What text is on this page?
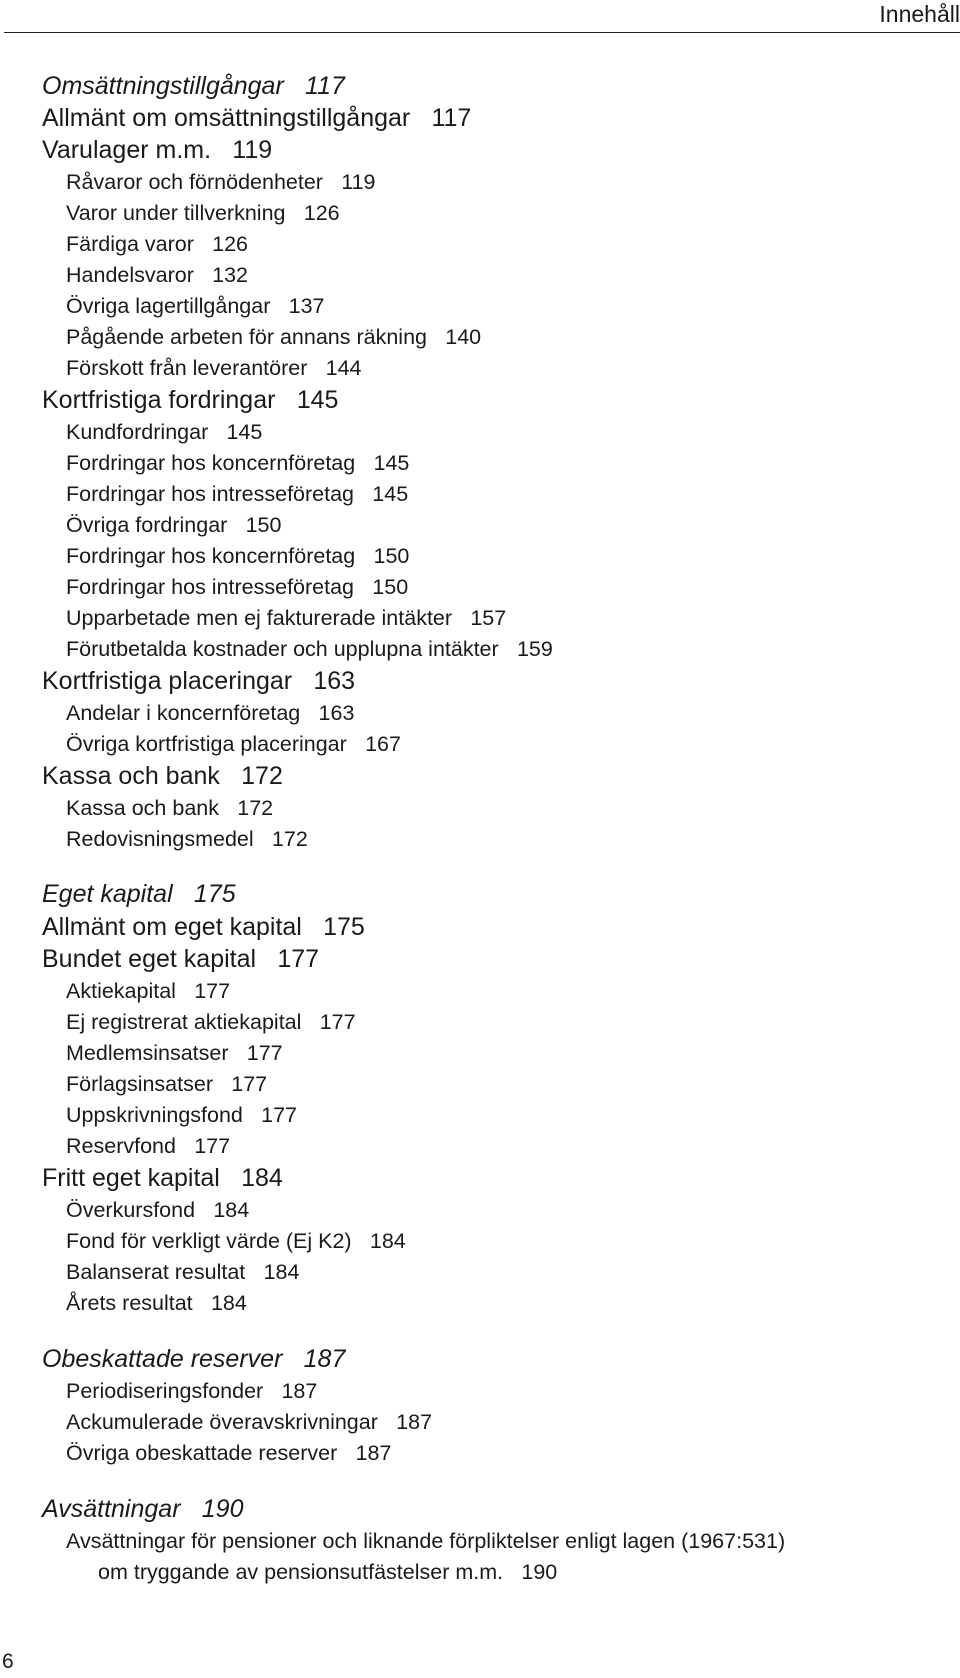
Innehåll
Omsättningstillgångar 117
Allmänt om omsättningstillgångar 117
Varulager m.m. 119
Råvaror och förnödenheter 119
Varor under tillverkning 126
Färdiga varor 126
Handelsvaror 132
Övriga lagertillgångar 137
Pågående arbeten för annans räkning 140
Förskott från leverantörer 144
Kortfristiga fordringar 145
Kundfordringar 145
Fordringar hos koncernföretag 145
Fordringar hos intresseföretag 145
Övriga fordringar 150
Fordringar hos koncernföretag 150
Fordringar hos intresseföretag 150
Upparbetade men ej fakturerade intäkter 157
Förutbetalda kostnader och upplupna intäkter 159
Kortfristiga placeringar 163
Andelar i koncernföretag 163
Övriga kortfristiga placeringar 167
Kassa och bank 172
Kassa och bank 172
Redovisningsmedel 172
Eget kapital 175
Allmänt om eget kapital 175
Bundet eget kapital 177
Aktiekapital 177
Ej registrerat aktiekapital 177
Medlemsinsatser 177
Förlagsinsatser 177
Uppskrivningsfond 177
Reservfond 177
Fritt eget kapital 184
Överkursfond 184
Fond för verkligt värde (Ej K2) 184
Balanserat resultat 184
Årets resultat 184
Obeskattade reserver 187
Periodiseringsfonder 187
Ackumulerade överavskrivningar 187
Övriga obeskattade reserver 187
Avsättningar 190
Avsättningar för pensioner och liknande förpliktelser enligt lagen (1967:531)
om tryggande av pensionsutfästelser m.m. 190
6
